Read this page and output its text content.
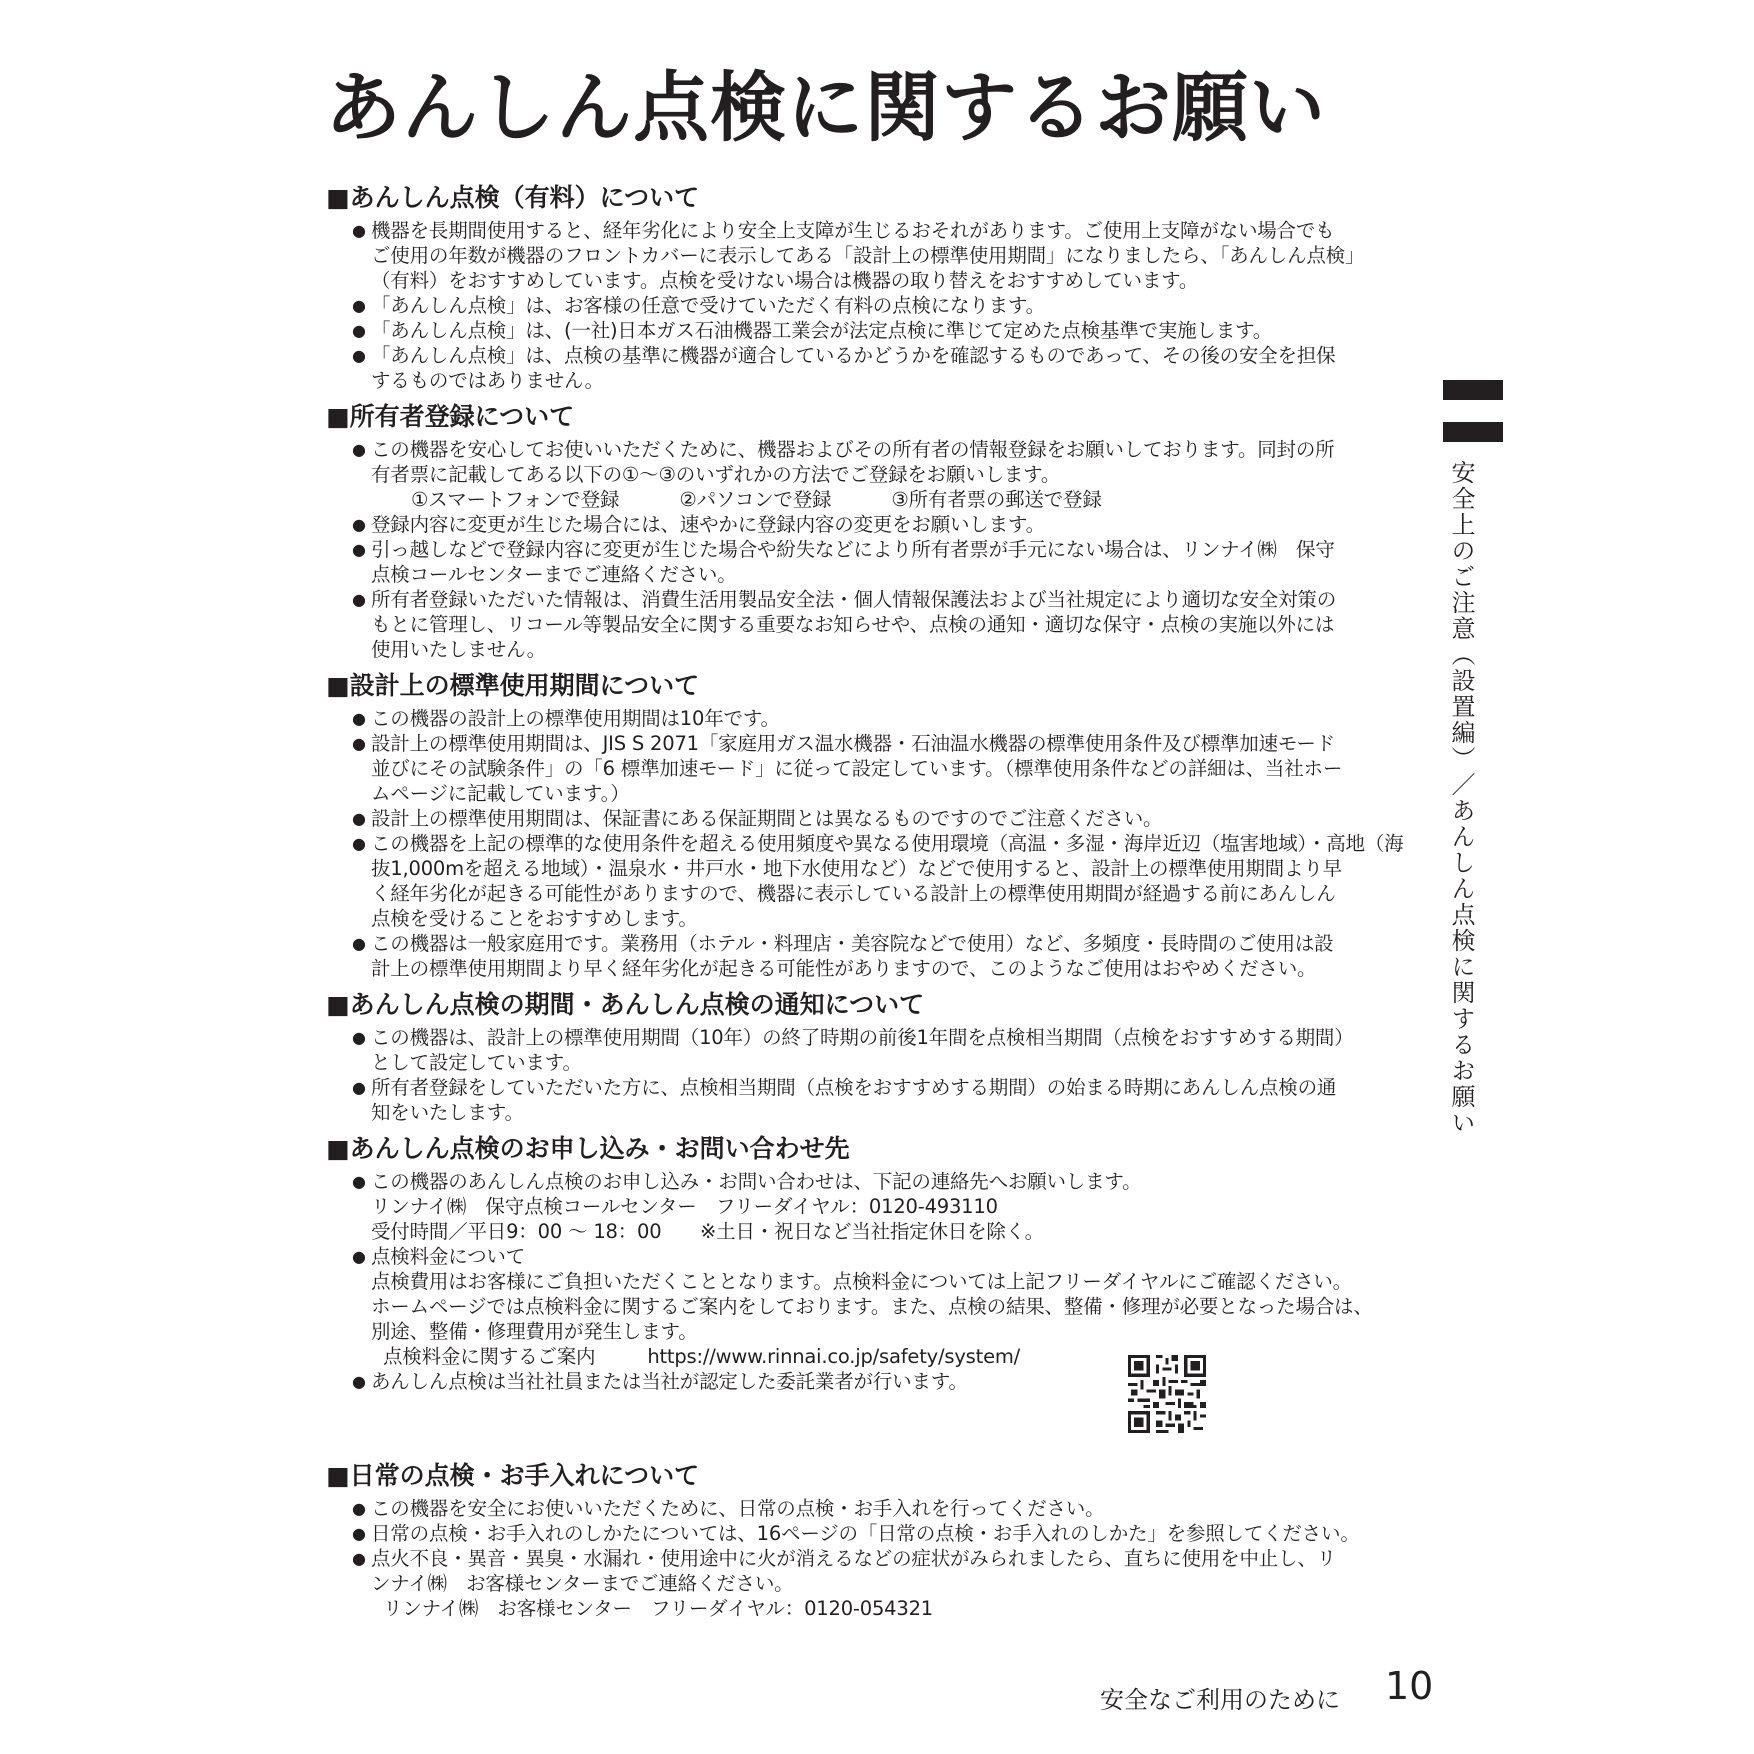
あんしん点検に関するお願い
■あんしん点検（有料）について
● 機器を長期間使用すると、経年劣化により安全上支障が生じるおそれがあります。ご使用上支障がない場合でも
ご使用の年数が機器のフロントカバーに表示してある「設計上の標準使用期間」になりましたら、「あんしん点検」
（有料）をおすすめしています。点検を受けない場合は機器の取り替えをおすすめしています。
● 「あんしん点検」は、お客様の任意で受けていただく有料の点検になります。
● 「あんしん点検」は、(一社)日本ガス石油機器工業会が法定点検に準じて定めた点検基準で実施します。
● 「あんしん点検」は、点検の基準に機器が適合しているかどうかを確認するものであって、その後の安全を担保
するものではありません。
■所有者登録について
● この機器を安心してお使いいただくために、機器およびその所有者の情報登録をお願いしております。同封の所
有者票に記載してある以下の①～③のいずれかの方法でご登録をお願いします。
①スマートフォンで登録	②パソコンで登録	③所有者票の郵送で登録
● 登録内容に変更が生じた場合には、速やかに登録内容の変更をお願いします。
● 引っ越しなどで登録内容に変更が生じた場合や紛失などにより所有者票が手元にない場合は、リンナイ㈱　保守
点検コールセンターまでご連絡ください。
● 所有者登録いただいた情報は、消費生活用製品安全法・個人情報保護法および当社規定により適切な安全対策の
もとに管理し、リコール等製品安全に関する重要なお知らせや、点検の通知・適切な保守・点検の実施以外には
使用いたしません。
■設計上の標準使用期間について
● この機器の設計上の標準使用期間は10年です。
● 設計上の標準使用期間は、JIS S 2071「家庭用ガス温水機器・石油温水機器の標準使用条件及び標準加速モード
並びにその試験条件」の「6 標準加速モード」に従って設定しています。（標準使用条件などの詳細は、当社ホー
ムページに記載しています。）
● 設計上の標準使用期間は、保証書にある保証期間とは異なるものですのでご注意ください。
● この機器を上記の標準的な使用条件を超える使用頻度や異なる使用環境（高温・多湿・海岸近辺（塩害地域）・高地（海
抜1,000mを超える地域）・温泉水・井戸水・地下水使用など）などで使用すると、設計上の標準使用期間より早
く経年劣化が起きる可能性がありますので、機器に表示している設計上の標準使用期間が経過する前にあんしん
点検を受けることをおすすめします。
● この機器は一般家庭用です。業務用（ホテル・料理店・美容院などで使用）など、多頻度・長時間のご使用は設
計上の標準使用期間より早く経年劣化が起きる可能性がありますので、このようなご使用はおやめください。
■あんしん点検の期間・あんしん点検の通知について
● この機器は、設計上の標準使用期間（10年）の終了時期の前後1年間を点検相当期間（点検をおすすめする期間）
として設定しています。
● 所有者登録をしていただいた方に、点検相当期間（点検をおすすめする期間）の始まる時期にあんしん点検の通
知をいたします。
■あんしん点検のお申し込み・お問い合わせ先
● この機器のあんしん点検のお申し込み・お問い合わせは、下記の連絡先へお願いします。
リンナイ㈱　保守点検コールセンター　フリーダイヤル：0120-493110
受付時間／平日9：00 ～ 18：00　　※土日・祝日など当社指定休日を除く。
● 点検料金について
点検費用はお客様にご負担いただくこととなります。点検料金については上記フリーダイヤルにご確認ください。
ホームページでは点検料金に関するご案内をしております。また、点検の結果、整備・修理が必要となった場合は、
別途、整備・修理費用が発生します。
点検料金に関するご案内	https://www.rinnai.co.jp/safety/system/
● あんしん点検は当社社員または当社が認定した委託業者が行います。
■日常の点検・お手入れについて
● この機器を安全にお使いいただくために、日常の点検・お手入れを行ってください。
● 日常の点検・お手入れのしかたについては、16ページの「日常の点検・お手入れのしかた」を参照してください。
● 点火不良・異音・異臭・水漏れ・使用途中に火が消えるなどの症状がみられましたら、直ちに使用を中止し、リ
ンナイ㈱　お客様センターまでご連絡ください。
リンナイ㈱　お客様センター　フリーダイヤル：0120-054321
安全上のご注意（設置編）／あんしん点検に関するお願い
安全なご利用のために 10
